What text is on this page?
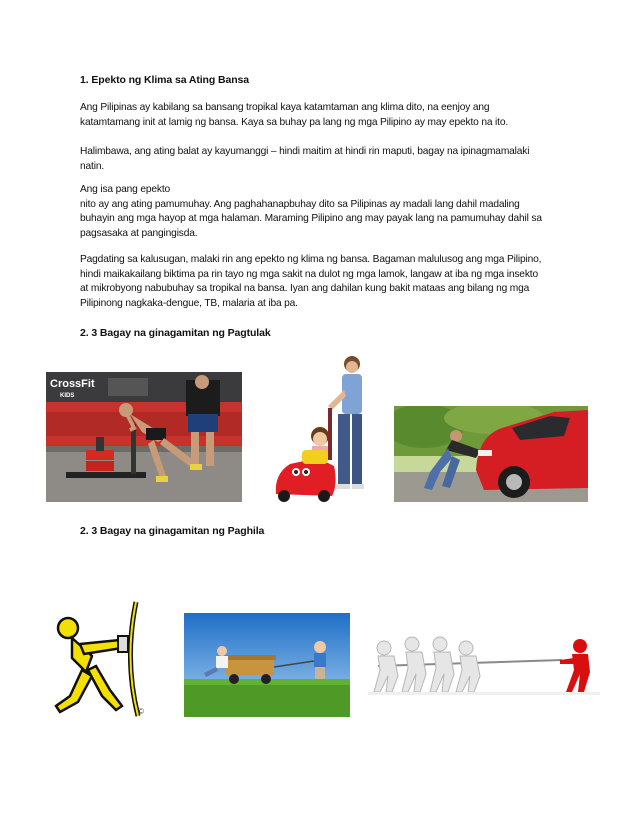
1. Epekto ng Klima sa Ating Bansa

Ang Pilipinas ay kabilang sa bansang tropikal kaya katamtaman ang klima dito, na eenjoy ang

katamtamang init at lamig ng bansa. Kaya sa buhay pa lang ng mga Pilipino ay may epekto na ito.

Halimbawa, ang ating balat ay kayumanggi – hindi maitim at hindi rin maputi, bagay na ipinagmamalaki

natin.

Ang isa pang epekto

nito ay ang ating pamumuhay. Ang paghahanapbuhay dito sa Pilipinas ay madali lang dahil madaling

buhayin ang mga hayop at mga halaman. Maraming Pilipino ang may payak lang na pamumuhay dahil sa

pagsasaka at pangingisda.

Pagdating sa kalusugan, malaki rin ang epekto ng klima ng bansa. Bagaman malulusog ang mga Pilipino,

hindi maikakailang biktima pa rin tayo ng mga sakit na dulot ng mga lamok, langaw at iba ng mga insekto

at mikrobyong nabubuhay sa tropikal na bansa. Iyan ang dahilan kung bakit mataas ang bilang ng mga

Pilipinong nagkaka-dengue, TB, malaria at iba pa.

2. 3 Bagay na ginagamitan ng Pagtulak
CrossFit
KIDS
2. 3 Bagay na ginagamitan ng Paghila
©
